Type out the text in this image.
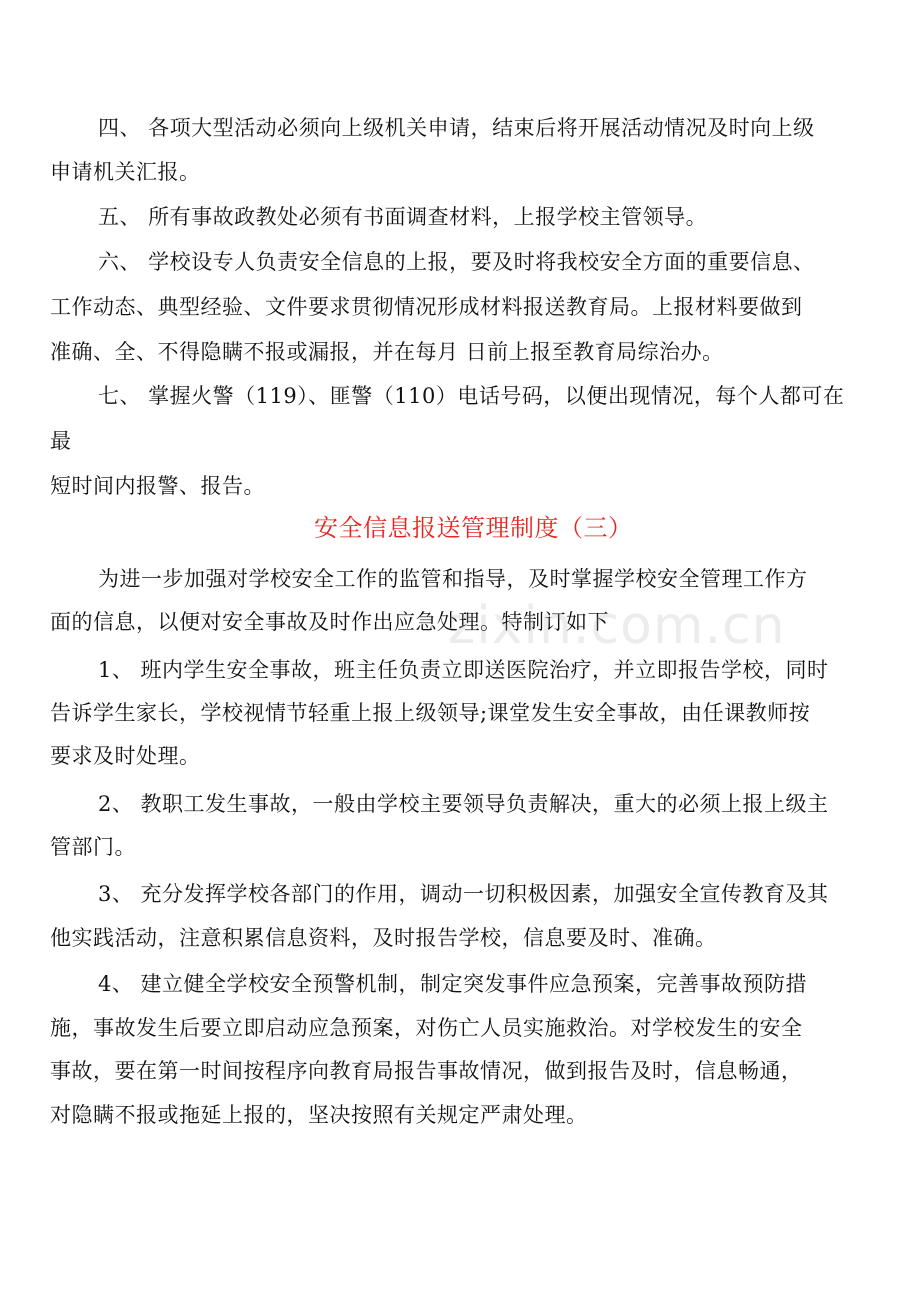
四、 各项大型活动必须向上级机关申请，结束后将开展活动情况及时向上级
申请机关汇报。
五、 所有事故政教处必须有书面调查材料，上报学校主管领导。
六、 学校设专人负责安全信息的上报，要及时将我校安全方面的重要信息、
工作动态、典型经验、文件要求贯彻情况形成材料报送教育局。上报材料要做到
准确、全、不得隐瞒不报或漏报，并在每月 日前上报至教育局综治办。
七、 掌握火警（119）、匪警（110）电话号码，以便出现情况，每个人都可在
最
短时间内报警、报告。
安全信息报送管理制度（三）
为进一步加强对学校安全工作的监管和指导，及时掌握学校安全管理工作方
面的信息，以便对安全事故及时作出应急处理。特制订如下
1、 班内学生安全事故，班主任负责立即送医院治疗，并立即报告学校，同时
告诉学生家长，学校视情节轻重上报上级领导;课堂发生安全事故，由任课教师按
要求及时处理。
2、 教职工发生事故，一般由学校主要领导负责解决，重大的必须上报上级主
管部门。
3、 充分发挥学校各部门的作用，调动一切积极因素，加强安全宣传教育及其
他实践活动，注意积累信息资料，及时报告学校，信息要及时、准确。
4、 建立健全学校安全预警机制，制定突发事件应急预案，完善事故预防措
施，事故发生后要立即启动应急预案，对伤亡人员实施救治。对学校发生的安全
事故，要在第一时间按程序向教育局报告事故情况，做到报告及时，信息畅通，
对隐瞒不报或拖延上报的，坚决按照有关规定严肃处理。
zixin.com.cn
